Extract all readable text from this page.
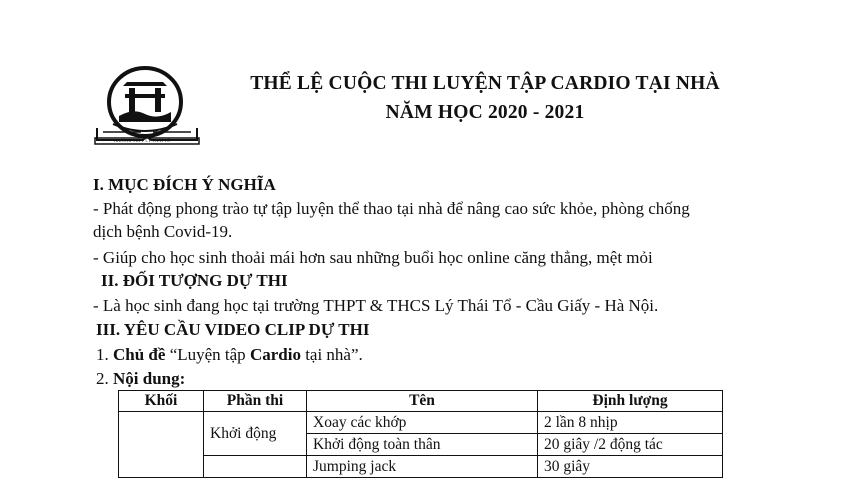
TRƯỜNG THPT LÝ THÁI TỔ
THỂ LỆ CUỘC THI LUYỆN TẬP CARDIO TẠI NHÀ
NĂM HỌC 2020 - 2021
I. MỤC ĐÍCH Ý NGHĨA
- Phát động phong trào tự tập luyện thể thao tại nhà để nâng cao sức khỏe, phòng chống
dịch bệnh Covid-19.
- Giúp cho học sinh thoải mái hơn sau những buổi học online căng thẳng, mệt mỏi
II. ĐỐI TƯỢNG DỰ THI
- Là học sinh đang học tại trường THPT & THCS Lý Thái Tổ - Cầu Giấy - Hà Nội.
III. YÊU CẦU VIDEO CLIP DỰ THI
1. Chủ đề “Luyện tập Cardio tại nhà”.
2. Nội dung:
Khối	Phần thi	Tên	Định lượng
	Khởi động	Xoay các khớp	2 lần 8 nhịp
		Khởi động toàn thân	20 giây /2 động tác
		Jumping jack	30 giây
